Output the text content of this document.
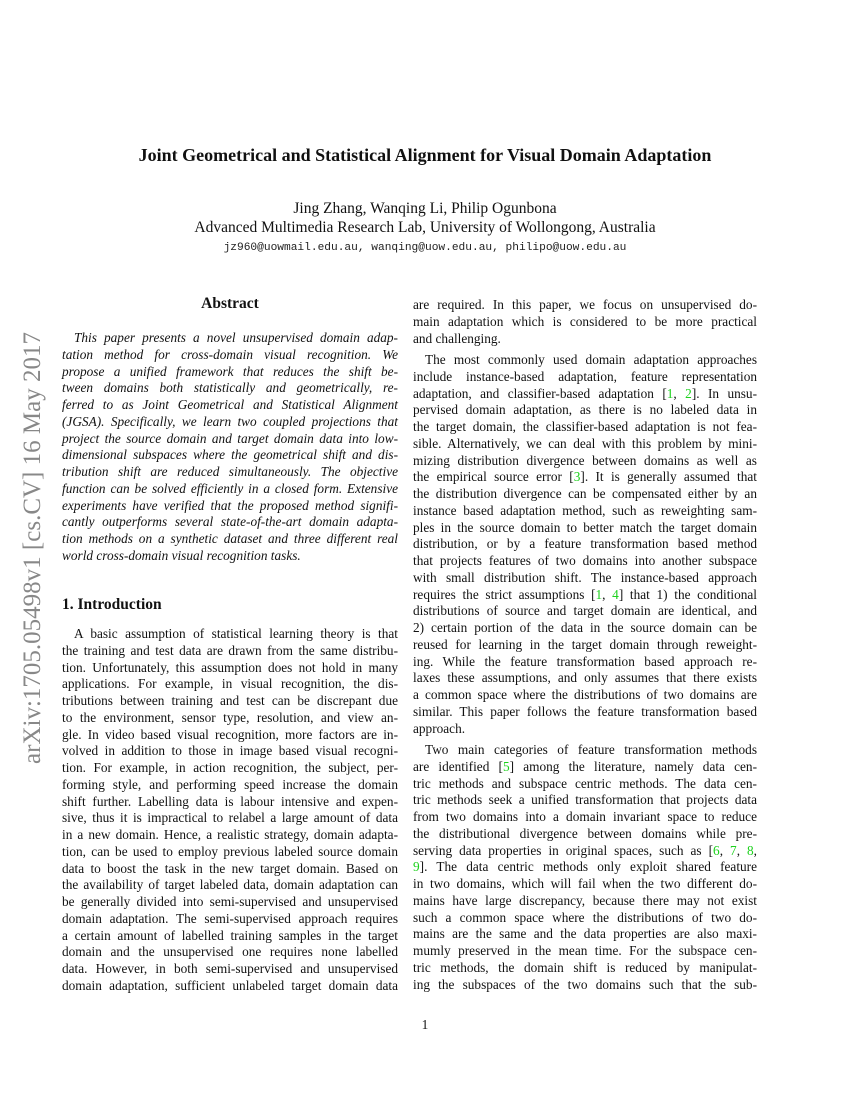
arXiv:1705.05498v1 [cs.CV] 16 May 2017
Joint Geometrical and Statistical Alignment for Visual Domain Adaptation
Jing Zhang, Wanqing Li, Philip Ogunbona
Advanced Multimedia Research Lab, University of Wollongong, Australia
jz960@uowmail.edu.au, wanqing@uow.edu.au, philipo@uow.edu.au
Abstract
This paper presents a novel unsupervised domain adap-
tation method for cross-domain visual recognition. We
propose a unified framework that reduces the shift be-
tween domains both statistically and geometrically, re-
ferred to as Joint Geometrical and Statistical Alignment
(JGSA). Specifically, we learn two coupled projections that
project the source domain and target domain data into low-
dimensional subspaces where the geometrical shift and dis-
tribution shift are reduced simultaneously. The objective
function can be solved efficiently in a closed form. Extensive
experiments have verified that the proposed method signifi-
cantly outperforms several state-of-the-art domain adapta-
tion methods on a synthetic dataset and three different real
world cross-domain visual recognition tasks.
1. Introduction
A basic assumption of statistical learning theory is that
the training and test data are drawn from the same distribu-
tion. Unfortunately, this assumption does not hold in many
applications. For example, in visual recognition, the dis-
tributions between training and test can be discrepant due
to the environment, sensor type, resolution, and view an-
gle. In video based visual recognition, more factors are in-
volved in addition to those in image based visual recogni-
tion. For example, in action recognition, the subject, per-
forming style, and performing speed increase the domain
shift further. Labelling data is labour intensive and expen-
sive, thus it is impractical to relabel a large amount of data
in a new domain. Hence, a realistic strategy, domain adapta-
tion, can be used to employ previous labeled source domain
data to boost the task in the new target domain. Based on
the availability of target labeled data, domain adaptation can
be generally divided into semi-supervised and unsupervised
domain adaptation. The semi-supervised approach requires
a certain amount of labelled training samples in the target
domain and the unsupervised one requires none labelled
data. However, in both semi-supervised and unsupervised
domain adaptation, sufficient unlabeled target domain data
are required. In this paper, we focus on unsupervised do-
main adaptation which is considered to be more practical
and challenging.
The most commonly used domain adaptation approaches
include instance-based adaptation, feature representation
adaptation, and classifier-based adaptation [1, 2]. In unsu-
pervised domain adaptation, as there is no labeled data in
the target domain, the classifier-based adaptation is not fea-
sible. Alternatively, we can deal with this problem by mini-
mizing distribution divergence between domains as well as
the empirical source error [3]. It is generally assumed that
the distribution divergence can be compensated either by an
instance based adaptation method, such as reweighting sam-
ples in the source domain to better match the target domain
distribution, or by a feature transformation based method
that projects features of two domains into another subspace
with small distribution shift. The instance-based approach
requires the strict assumptions [1, 4] that 1) the conditional
distributions of source and target domain are identical, and
2) certain portion of the data in the source domain can be
reused for learning in the target domain through reweight-
ing. While the feature transformation based approach re-
laxes these assumptions, and only assumes that there exists
a common space where the distributions of two domains are
similar. This paper follows the feature transformation based
approach.
Two main categories of feature transformation methods
are identified [5] among the literature, namely data cen-
tric methods and subspace centric methods. The data cen-
tric methods seek a unified transformation that projects data
from two domains into a domain invariant space to reduce
the distributional divergence between domains while pre-
serving data properties in original spaces, such as [6, 7, 8,
9]. The data centric methods only exploit shared feature
in two domains, which will fail when the two different do-
mains have large discrepancy, because there may not exist
such a common space where the distributions of two do-
mains are the same and the data properties are also maxi-
mumly preserved in the mean time. For the subspace cen-
tric methods, the domain shift is reduced by manipulat-
ing the subspaces of the two domains such that the sub-
1
